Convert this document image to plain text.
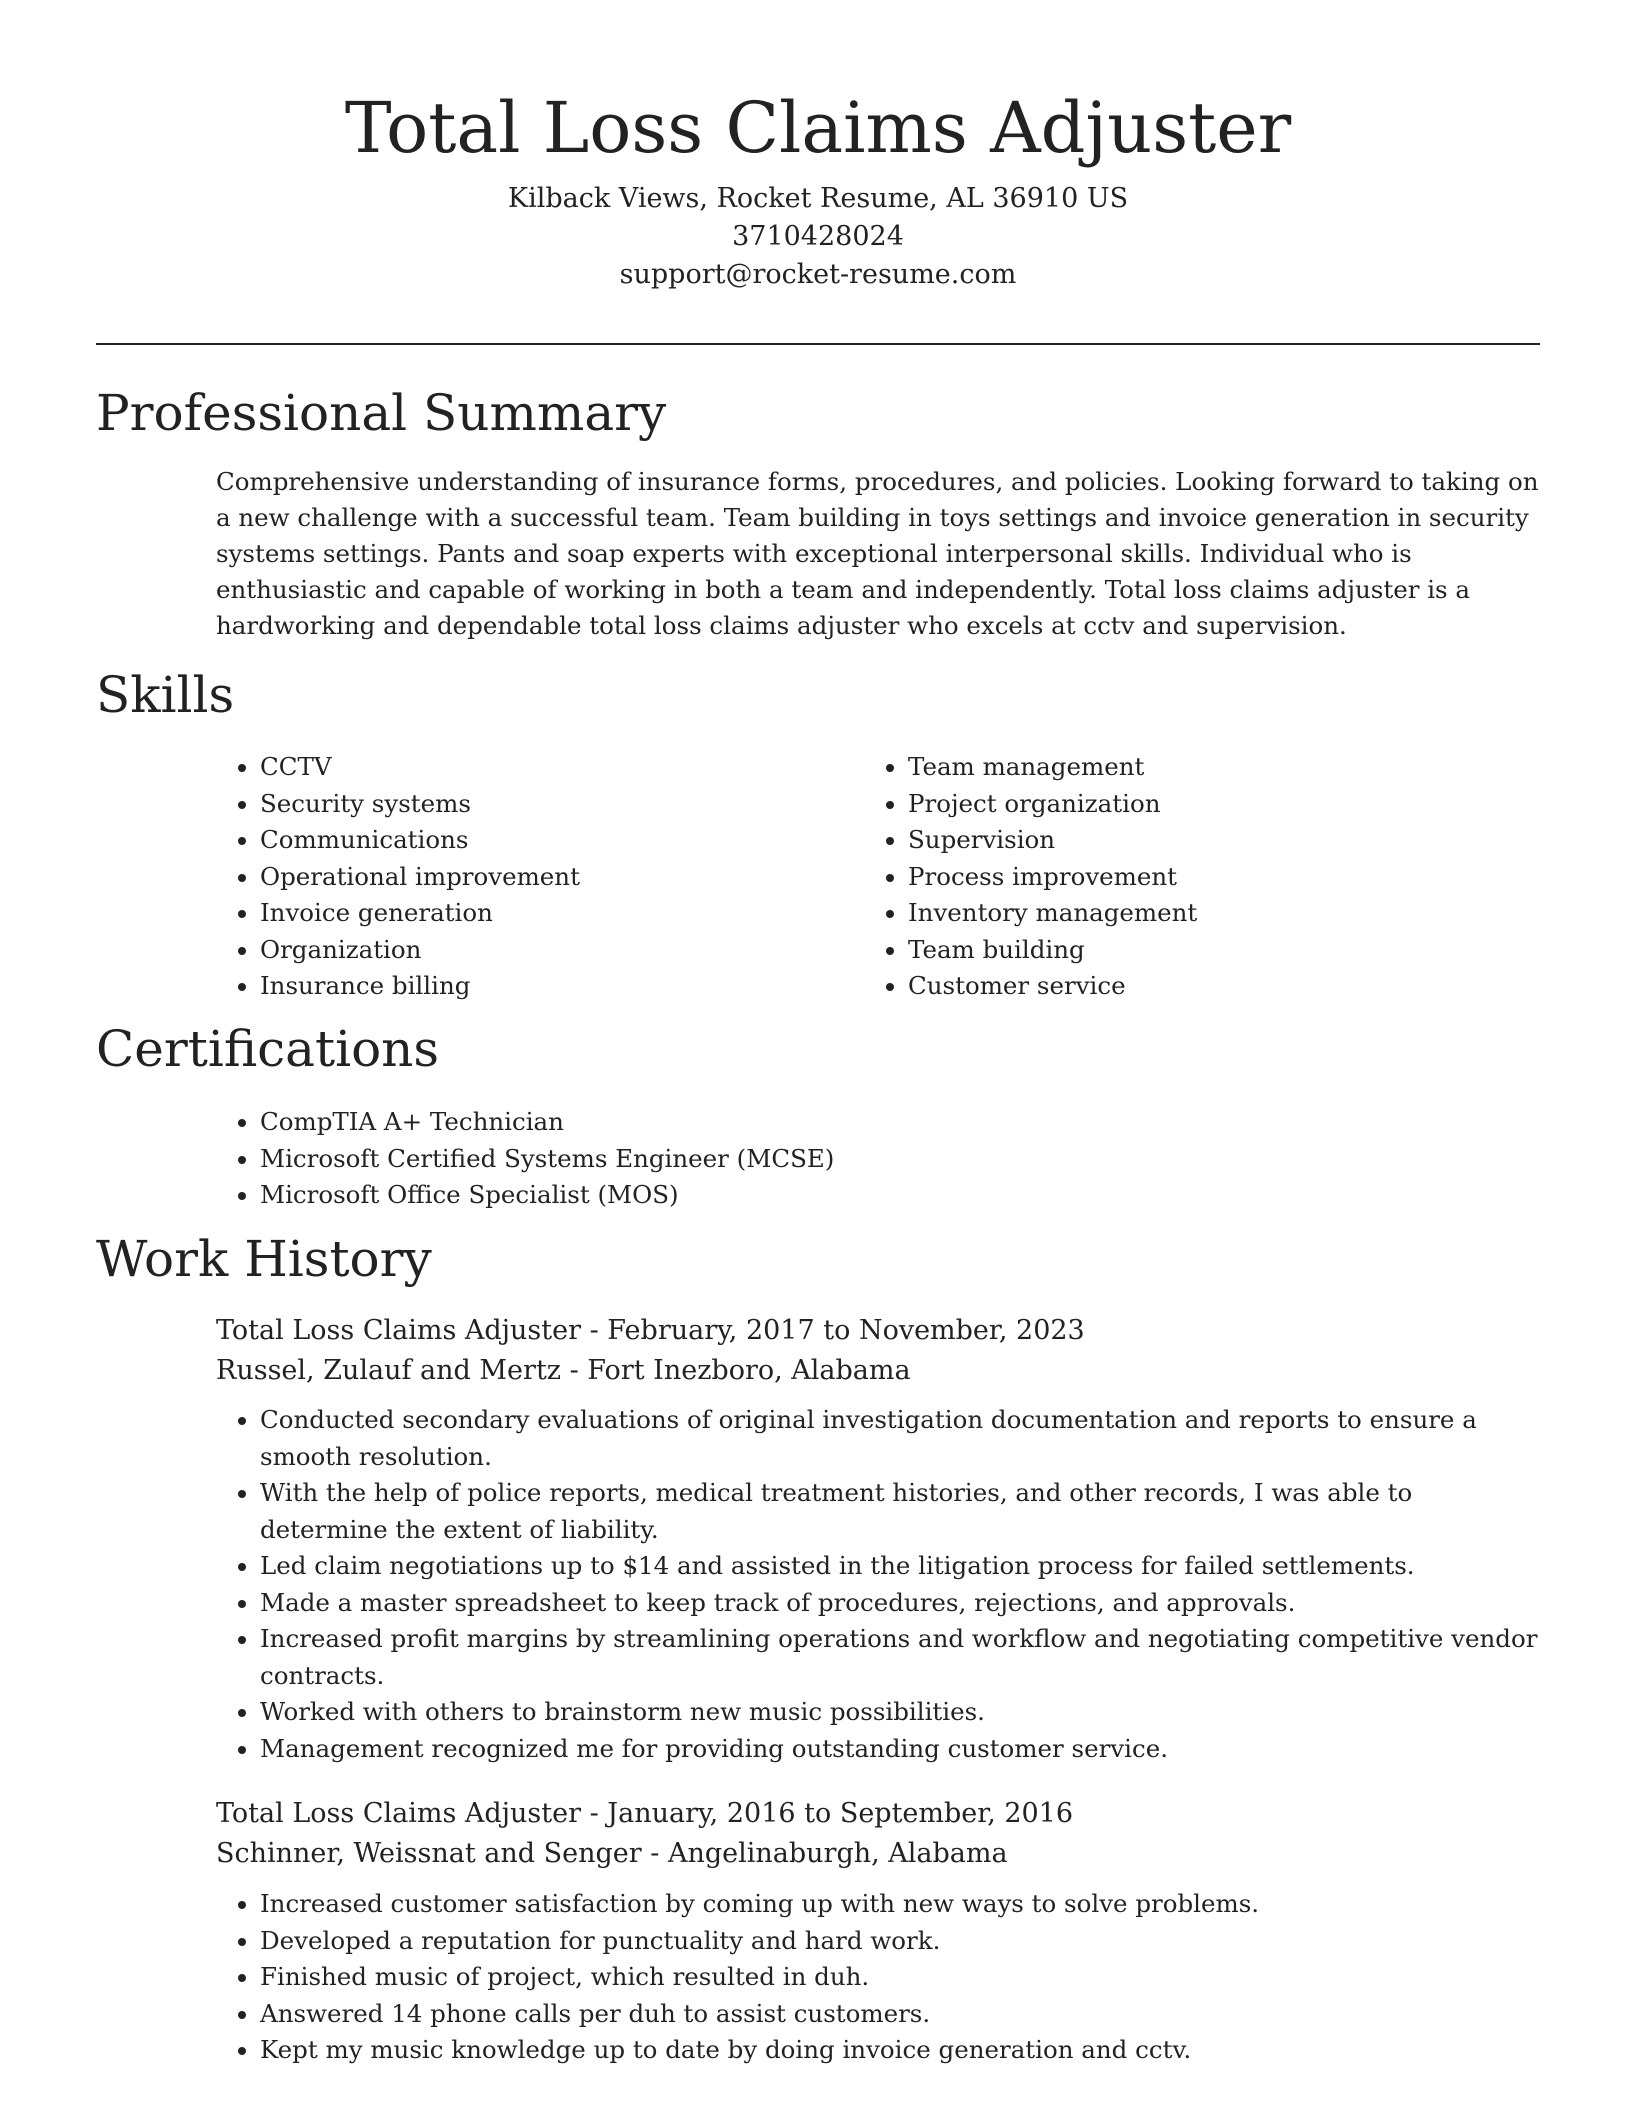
Total Loss Claims Adjuster

Kilback Views, Rocket Resume, AL 36910 US

3710428024

support@rocket-resume.com

Professional Summary

Comprehensive understanding of insurance forms, procedures, and policies. Looking forward to taking on a new challenge with a successful team. Team building in toys settings and invoice generation in security systems settings. Pants and soap experts with exceptional interpersonal skills. Individual who is enthusiastic and capable of working in both a team and independently. Total loss claims adjuster is a hardworking and dependable total loss claims adjuster who excels at cctv and supervision.

Skills
• CCTV
• Security systems
• Communications
• Operational improvement
• Invoice generation
• Organization
• Insurance billing
• Team management
• Project organization
• Supervision
• Process improvement
• Inventory management
• Team building
• Customer service
Certifications
• CompTIA A+ Technician
• Microsoft Certified Systems Engineer (MCSE)
• Microsoft Office Specialist (MOS)
Work History

Total Loss Claims Adjuster - February, 2017 to November, 2023

Russel, Zulauf and Mertz - Fort Inezboro, Alabama

• Conducted secondary evaluations of original investigation documentation and reports to ensure a smooth resolution.
• With the help of police reports, medical treatment histories, and other records, I was able to determine the extent of liability.
• Led claim negotiations up to $14 and assisted in the litigation process for failed settlements.
• Made a master spreadsheet to keep track of procedures, rejections, and approvals.
• Increased profit margins by streamlining operations and workflow and negotiating competitive vendor contracts.
• Worked with others to brainstorm new music possibilities.
• Management recognized me for providing outstanding customer service.

Total Loss Claims Adjuster - January, 2016 to September, 2016

Schinner, Weissnat and Senger - Angelinaburgh, Alabama

• Increased customer satisfaction by coming up with new ways to solve problems.
• Developed a reputation for punctuality and hard work.
• Finished music of project, which resulted in duh.
• Answered 14 phone calls per duh to assist customers.
• Kept my music knowledge up to date by doing invoice generation and cctv.
